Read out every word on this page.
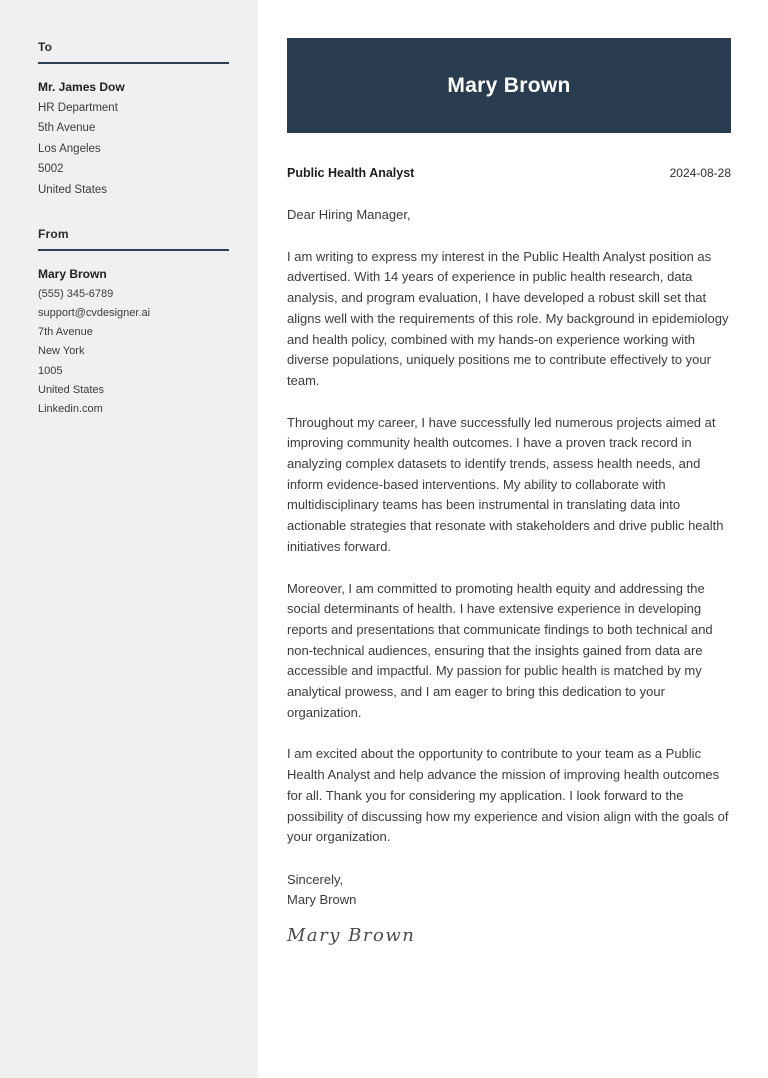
To

Mr. James Dow

HR Department

5th Avenue

Los Angeles

5002

United States

From

Mary Brown

(555) 345-6789

support@cvdesigner.ai

7th Avenue

New York

1005

United States

Linkedin.com

Mary Brown
Public Health Analyst	2024-08-28

Dear Hiring Manager,

I am writing to express my interest in the Public Health Analyst position as advertised. With 14 years of experience in public health research, data analysis, and program evaluation, I have developed a robust skill set that aligns well with the requirements of this role. My background in epidemiology and health policy, combined with my hands-on experience working with diverse populations, uniquely positions me to contribute effectively to your team.

Throughout my career, I have successfully led numerous projects aimed at improving community health outcomes. I have a proven track record in analyzing complex datasets to identify trends, assess health needs, and inform evidence-based interventions. My ability to collaborate with multidisciplinary teams has been instrumental in translating data into actionable strategies that resonate with stakeholders and drive public health initiatives forward.

Moreover, I am committed to promoting health equity and addressing the social determinants of health. I have extensive experience in developing reports and presentations that communicate findings to both technical and non-technical audiences, ensuring that the insights gained from data are accessible and impactful. My passion for public health is matched by my analytical prowess, and I am eager to bring this dedication to your organization.

I am excited about the opportunity to contribute to your team as a Public Health Analyst and help advance the mission of improving health outcomes for all. Thank you for considering my application. I look forward to the possibility of discussing how my experience and vision align with the goals of your organization.

Sincerely,

Mary Brown

Mary Brown
